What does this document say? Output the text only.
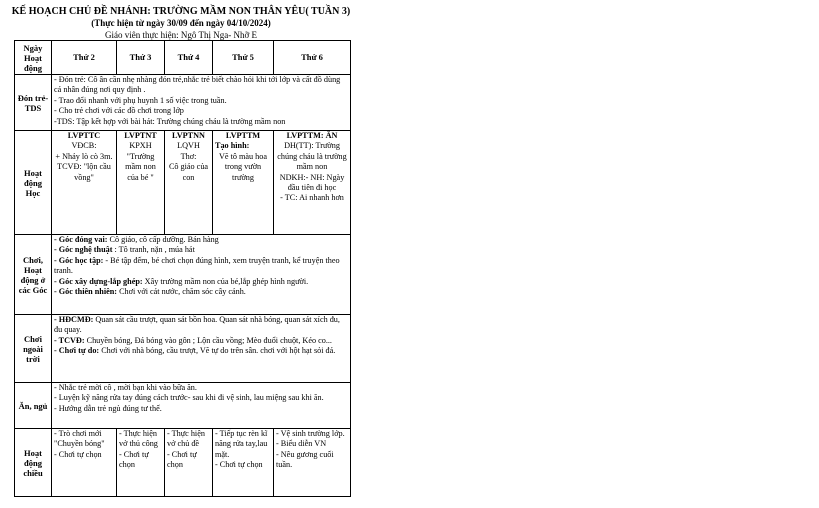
KẾ HOẠCH CHỦ ĐỀ NHÁNH: TRƯỜNG MẦM NON THÂN YÊU( TUẦN 3)
(Thực hiện từ ngày 30/09 đến ngày 04/10/2024)
Giáo viên thực hiện: Ngô Thị Nga- Nhỡ E
Ngày Hoạt động	Thứ 2	Thứ 3	Thứ 4	Thứ 5	Thứ 6
Đón trẻ- TDS	- Đón trẻ: Cô ân cần nhẹ nhàng đón trẻ,nhắc trẻ biết chào hỏi khi tới lớp và cất đồ dùng cá nhân đúng nơi quy định .
- Trao đổi nhanh với phụ huynh 1 số việc trong tuần.
- Cho trẻ chơi với các đồ chơi trong lớp
-TDS: Tập kết hợp với bài hát: Trường chúng cháu là trường mầm non				

Hoạt động Học	LVPTTC
VĐCB:
+ Nhảy lò cò 3m.
TCVĐ: "lộn cầu vồng"	LVPTNT
KPXH
"Trường mầm non của bé "	LVPTNN
LQVH
Thơ:
Cô giáo của con	LVPTTM
Tạo hình:
Vẽ tô màu hoa trong vườn trường	LVPTTM: ÂN
DH(TT): Trường chúng cháu là trường mầm non
NDKH:- NH: Ngày đầu tiên đi học
- TC: Ai nhanh hơn

Chơi, Hoạt động ở các Góc	- Góc đóng vai: Cô giáo, cô cấp dưỡng. Bán hàng
- Góc nghệ thuật : Tô tranh, nặn , múa hát
- Góc học tập: - Bé tập đếm, bé chơi chọn đúng hình, xem truyện tranh, kể truyện theo tranh.
- Góc xây dựng-lắp ghép: Xây trường mầm non của bé,lắp ghép hình người.
- Góc thiên nhiên: Chơi với cát nước, chăm sóc cây cảnh.				

Chơi ngoài trời	- HĐCMĐ: Quan sát cầu trượt, quan sát bồn hoa. Quan sát nhà bóng, quan sát xích đu, đu quay.
- TCVĐ: Chuyền bóng, Đá bóng vào gôn ; Lộn cầu vồng; Mèo đuổi chuột, Kéo co...
- Chơi tự do: Chơi với nhà bóng, cầu trượt, Vẽ tự do trên sân. chơi với hột hạt sỏi đá.				

Ăn, ngủ	- Nhắc trẻ mời cô , mời bạn khi vào bữa ăn.
- Luyện kỹ năng rửa tay đúng cách trước- sau khi đi vệ sinh, lau miệng sau khi ăn.
- Hướng dẫn trẻ ngủ đúng tư thế.				

Hoạt động chiều	- Trò chơi mới "Chuyền bóng"
- Chơi tự chọn	- Thực hiện vở thủ công
- Chơi tự chọn	- Thực hiện vở chủ đề
- Chơi tự chọn	- Tiếp tục rèn kĩ năng rửa tay,lau mặt.
- Chơi tự chọn	- Vệ sinh trường lớp.
- Biểu diễn VN
- Nêu gương cuối tuần.
